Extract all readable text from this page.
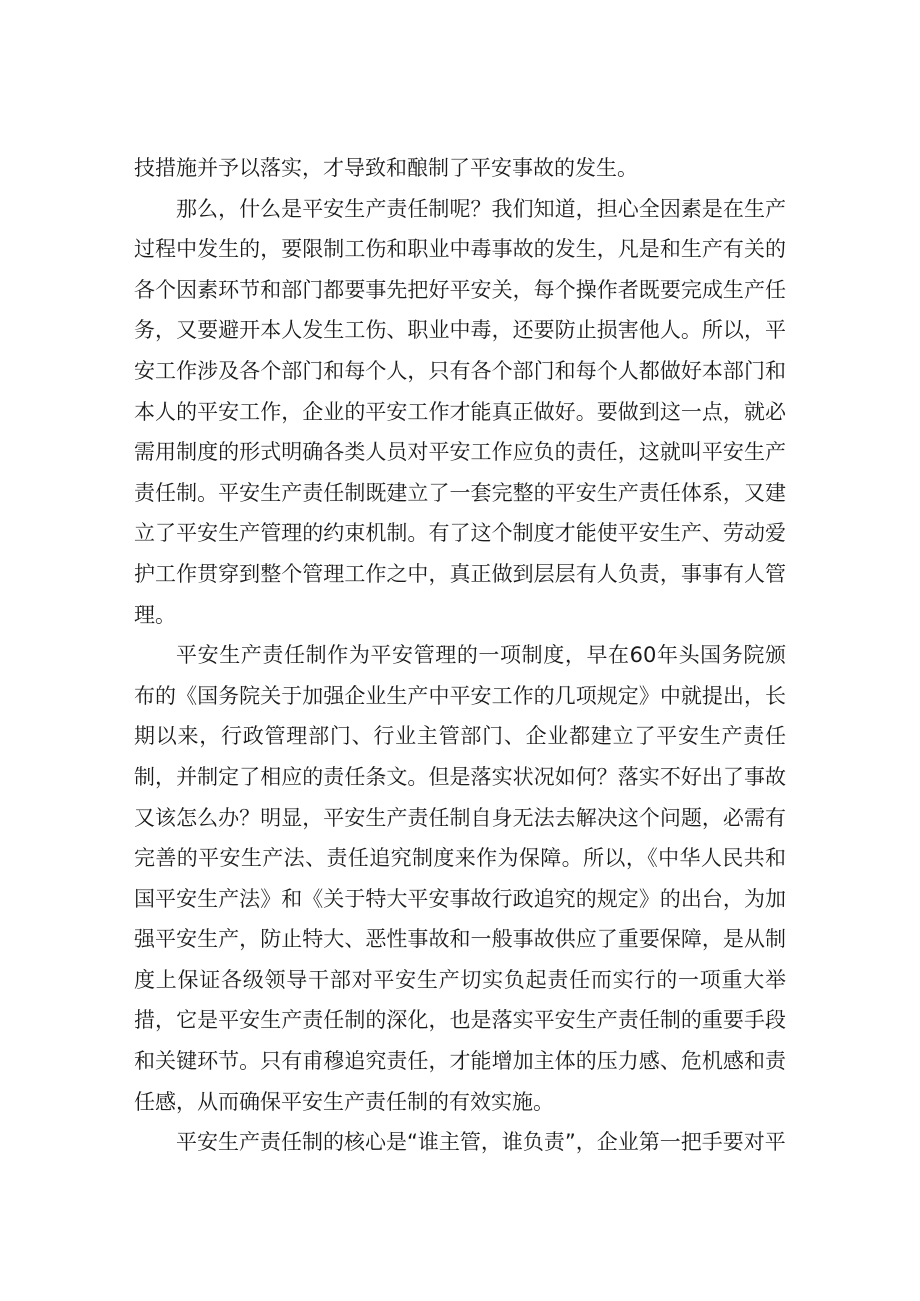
技措施并予以落实，才导致和酿制了平安事故的发生。

那么，什么是平安生产责任制呢？我们知道，担心全因素是在生产过程中发生的，要限制工伤和职业中毒事故的发生，凡是和生产有关的各个因素环节和部门都要事先把好平安关，每个操作者既要完成生产任务，又要避开本人发生工伤、职业中毒，还要防止损害他人。所以，平安工作涉及各个部门和每个人，只有各个部门和每个人都做好本部门和本人的平安工作，企业的平安工作才能真正做好。要做到这一点，就必需用制度的形式明确各类人员对平安工作应负的责任，这就叫平安生产责任制。平安生产责任制既建立了一套完整的平安生产责任体系，又建立了平安生产管理的约束机制。有了这个制度才能使平安生产、劳动爱护工作贯穿到整个管理工作之中，真正做到层层有人负责，事事有人管理。

平安生产责任制作为平安管理的一项制度，早在60年头国务院颁布的《国务院关于加强企业生产中平安工作的几项规定》中就提出，长期以来，行政管理部门、行业主管部门、企业都建立了平安生产责任制，并制定了相应的责任条文。但是落实状况如何？落实不好出了事故又该怎么办？明显，平安生产责任制自身无法去解决这个问题，必需有完善的平安生产法、责任追究制度来作为保障。所以，《中华人民共和国平安生产法》和《关于特大平安事故行政追究的规定》的出台，为加强平安生产，防止特大、恶性事故和一般事故供应了重要保障，是从制度上保证各级领导干部对平安生产切实负起责任而实行的一项重大举措，它是平安生产责任制的深化，也是落实平安生产责任制的重要手段和关键环节。只有甫穆追究责任，才能增加主体的压力感、危机感和责任感，从而确保平安生产责任制的有效实施。

平安生产责任制的核心是“谁主管，谁负责”，企业第一把手要对平
